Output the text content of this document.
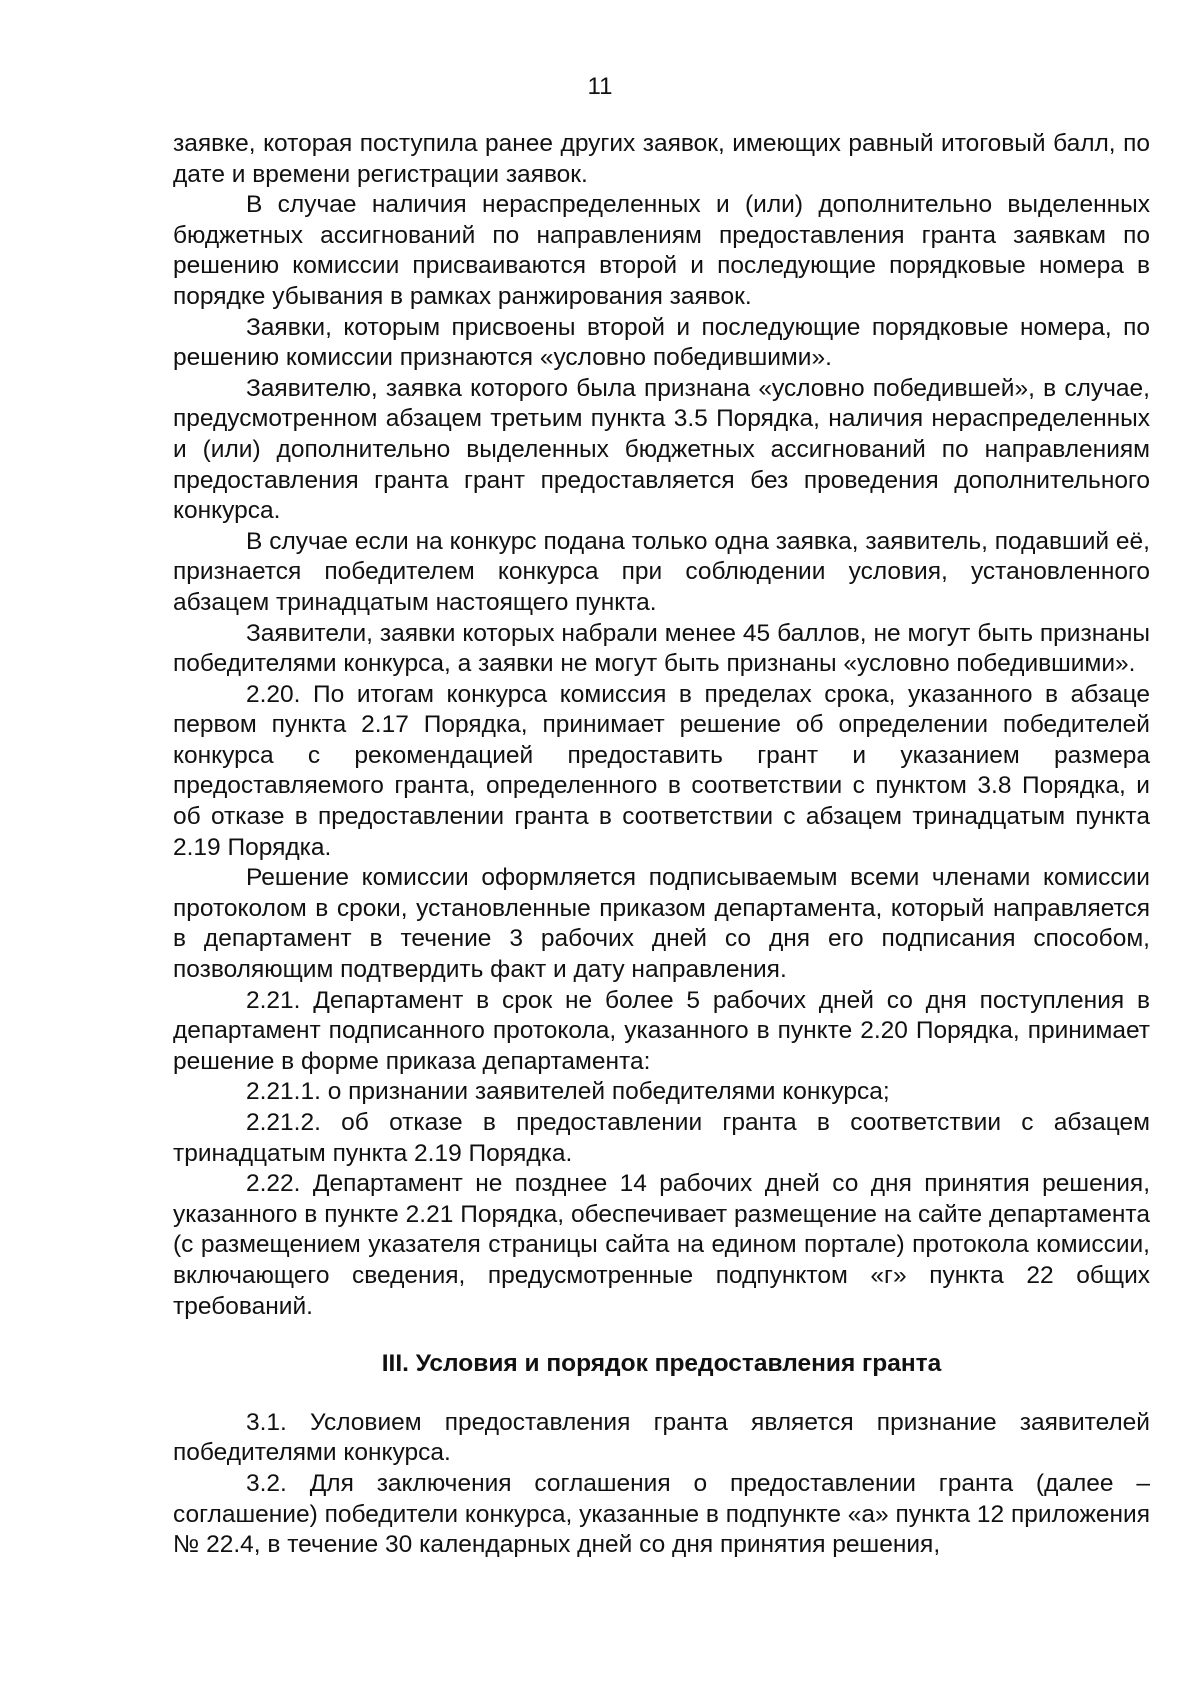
11

заявке, которая поступила ранее других заявок, имеющих равный итоговый балл, по дате и времени регистрации заявок.

В случае наличия нераспределенных и (или) дополнительно выделенных бюджетных ассигнований по направлениям предоставления гранта заявкам по решению комиссии присваиваются второй и последующие порядковые номера в порядке убывания в рамках ранжирования заявок.

Заявки, которым присвоены второй и последующие порядковые номера, по решению комиссии признаются «условно победившими».

Заявителю, заявка которого была признана «условно победившей», в случае, предусмотренном абзацем третьим пункта 3.5 Порядка, наличия нераспределенных и (или) дополнительно выделенных бюджетных ассигнований по направлениям предоставления гранта грант предоставляется без проведения дополнительного конкурса.

В случае если на конкурс подана только одна заявка, заявитель, подавший её, признается победителем конкурса при соблюдении условия, установленного абзацем тринадцатым настоящего пункта.

Заявители, заявки которых набрали менее 45 баллов, не могут быть признаны победителями конкурса, а заявки не могут быть признаны «условно победившими».

2.20. По итогам конкурса комиссия в пределах срока, указанного в абзаце первом пункта 2.17 Порядка, принимает решение об определении победителей конкурса с рекомендацией предоставить грант и указанием размера предоставляемого гранта, определенного в соответствии с пунктом 3.8 Порядка, и об отказе в предоставлении гранта в соответствии с абзацем тринадцатым пункта 2.19 Порядка.

Решение комиссии оформляется подписываемым всеми членами комиссии протоколом в сроки, установленные приказом департамента, который направляется в департамент в течение 3 рабочих дней со дня его подписания способом, позволяющим подтвердить факт и дату направления.

2.21. Департамент в срок не более 5 рабочих дней со дня поступления в департамент подписанного протокола, указанного в пункте 2.20 Порядка, принимает решение в форме приказа департамента:

2.21.1. о признании заявителей победителями конкурса;

2.21.2. об отказе в предоставлении гранта в соответствии с абзацем тринадцатым пункта 2.19 Порядка.

2.22. Департамент не позднее 14 рабочих дней со дня принятия решения, указанного в пункте 2.21 Порядка, обеспечивает размещение на сайте департамента (с размещением указателя страницы сайта на едином портале) протокола комиссии, включающего сведения, предусмотренные подпунктом «г» пункта 22 общих требований.

III. Условия и порядок предоставления гранта

3.1. Условием предоставления гранта является признание заявителей победителями конкурса.

3.2. Для заключения соглашения о предоставлении гранта (далее – соглашение) победители конкурса, указанные в подпункте «а» пункта 12 приложения № 22.4, в течение 30 календарных дней со дня принятия решения,
